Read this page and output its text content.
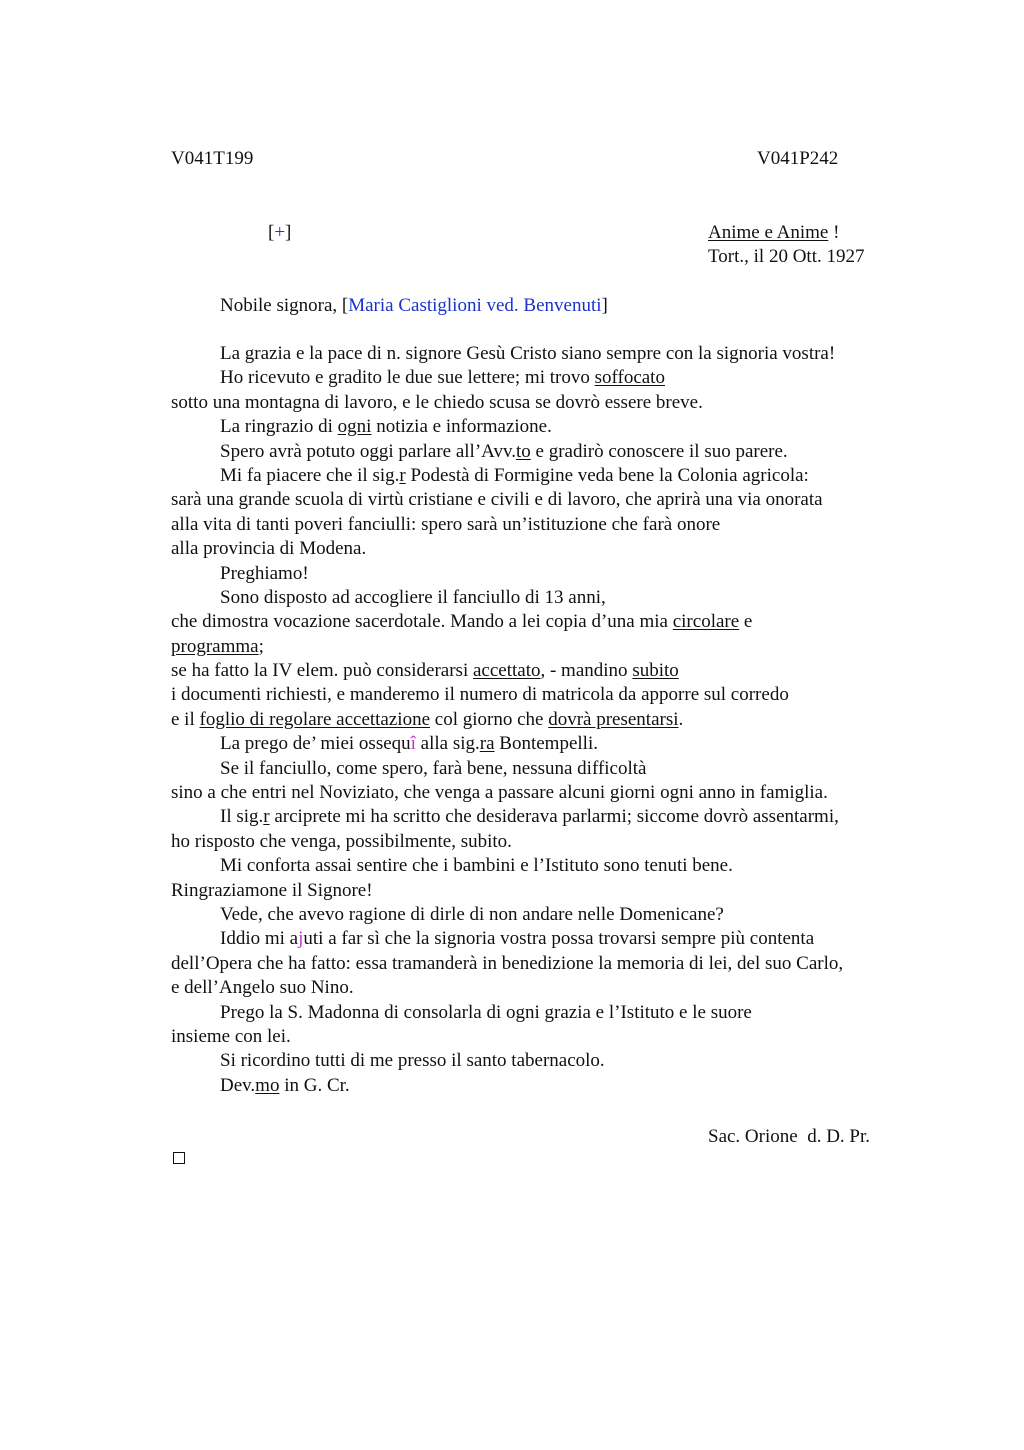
V041T199	V041P242
[+]	Anime e Anime !
Tort., il 20 Ott. 1927
Nobile signora, [Maria Castiglioni ved. Benvenuti]
La grazia e la pace di n. signore Gesù Cristo siano sempre con la signoria vostra!
Ho ricevuto e gradito le due sue lettere; mi trovo soffocato
sotto una montagna di lavoro, e le chiedo scusa se dovrò essere breve.
La ringrazio di ogni notizia e informazione.
Spero avrà potuto oggi parlare all’Avv.to e gradirò conoscere il suo parere.
Mi fa piacere che il sig.r Podestà di Formigine veda bene la Colonia agricola:
sarà una grande scuola di virtù cristiane e civili e di lavoro, che aprirà una via onorata
alla vita di tanti poveri fanciulli: spero sarà un’istituzione che farà onore
alla provincia di Modena.
Preghiamo!
Sono disposto ad accogliere il fanciullo di 13 anni,
che dimostra vocazione sacerdotale. Mando a lei copia d’una mia circolare e
programma;
se ha fatto la IV elem. può considerarsi accettato, - mandino subito
i documenti richiesti, e manderemo il numero di matricola da apporre sul corredo
e il foglio di regolare accettazione col giorno che dovrà presentarsi.
La prego de’ miei ossequî alla sig.ra Bontempelli.
Se il fanciullo, come spero, farà bene, nessuna difficoltà
sino a che entri nel Noviziato, che venga a passare alcuni giorni ogni anno in famiglia.
Il sig.r arciprete mi ha scritto che desiderava parlarmi; siccome dovrò assentarmi,
ho risposto che venga, possibilmente, subito.
Mi conforta assai sentire che i bambini e l’Istituto sono tenuti bene.
Ringraziamone il Signore!
Vede, che avevo ragione di dirle di non andare nelle Domenicane?
Iddio mi ajuti a far sì che la signoria vostra possa trovarsi sempre più contenta
dell’Opera che ha fatto: essa tramanderà in benedizione la memoria di lei, del suo Carlo,
e dell’Angelo suo Nino.
Prego la S. Madonna di consolarla di ogni grazia e l’Istituto e le suore
insieme con lei.
Si ricordino tutti di me presso il santo tabernacolo.
Dev.mo in G. Cr.
Sac. Orione  d. D. Pr.
